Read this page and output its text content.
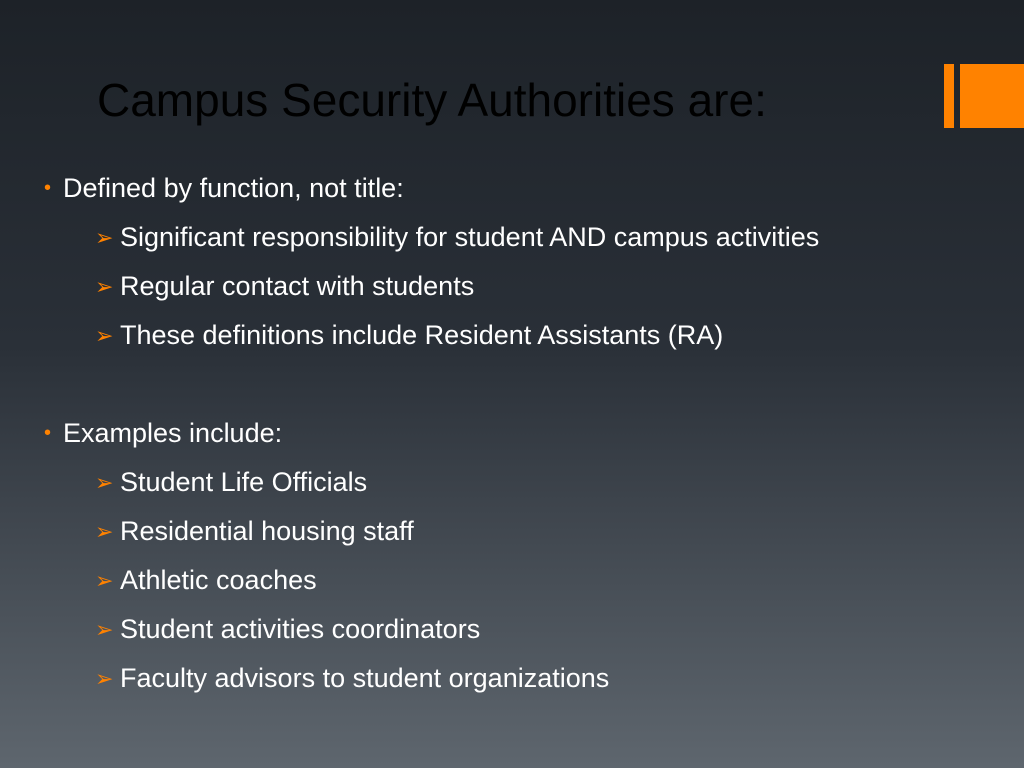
Campus Security Authorities are:
• Defined by function, not title:
➢ Significant responsibility for student AND campus activities
➢ Regular contact with students
➢ These definitions include Resident Assistants (RA)
• Examples include:
➢ Student Life Officials
➢ Residential housing staff
➢ Athletic coaches
➢ Student activities coordinators
➢ Faculty advisors to student organizations
